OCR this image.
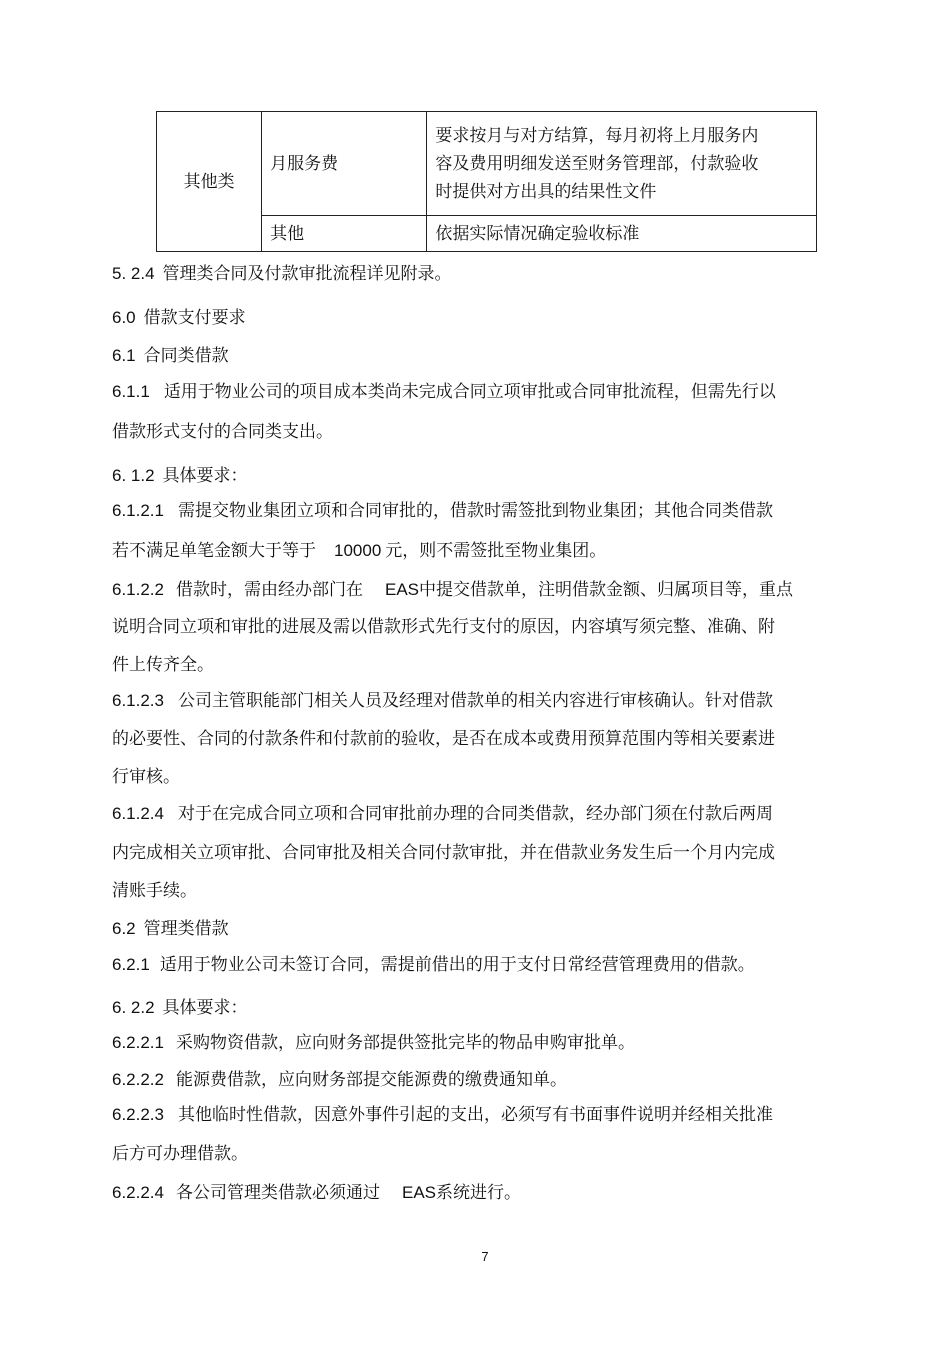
其他类	月服务费	要求按月与对方结算，每月初将上月服务内
容及费用明细发送至财务管理部，付款验收
时提供对方出具的结果性文件

	其他	依据实际情况确定验收标准
5. 2.4 管理类合同及付款审批流程详见附录。
6.0 借款支付要求
6.1 合同类借款
6.1.1 适用于物业公司的项目成本类尚未完成合同立项审批或合同审批流程，但需先行以
借款形式支付的合同类支出。
6. 1.2 具体要求：
6.1.2.1 需提交物业集团立项和合同审批的，借款时需签批到物业集团；其他合同类借款
若不满足单笔金额大于等于 10000 元，则不需签批至物业集团。
6.1.2.2 借款时，需由经办部门在 EAS中提交借款单，注明借款金额、归属项目等，重点
说明合同立项和审批的进展及需以借款形式先行支付的原因，内容填写须完整、准确、附
件上传齐全。
6.1.2.3 公司主管职能部门相关人员及经理对借款单的相关内容进行审核确认。针对借款
的必要性、合同的付款条件和付款前的验收，是否在成本或费用预算范围内等相关要素进
行审核。
6.1.2.4 对于在完成合同立项和合同审批前办理的合同类借款，经办部门须在付款后两周
内完成相关立项审批、合同审批及相关合同付款审批，并在借款业务发生后一个月内完成
清账手续。
6.2 管理类借款
6.2.1 适用于物业公司未签订合同，需提前借出的用于支付日常经营管理费用的借款。
6. 2.2 具体要求：
6.2.2.1 采购物资借款，应向财务部提供签批完毕的物品申购审批单。
6.2.2.2 能源费借款，应向财务部提交能源费的缴费通知单。
6.2.2.3 其他临时性借款，因意外事件引起的支出，必须写有书面事件说明并经相关批准
后方可办理借款。
6.2.2.4 各公司管理类借款必须通过 EAS系统进行。
7
